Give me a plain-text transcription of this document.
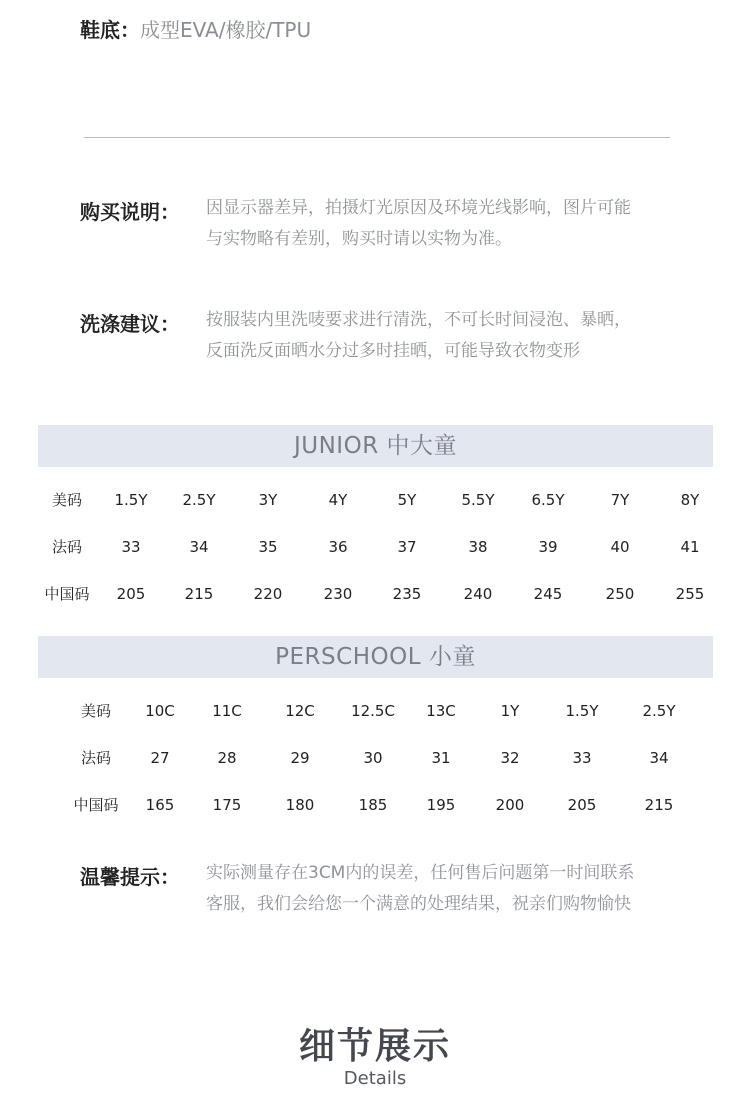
鞋底：成型EVA/橡胶/TPU
购买说明： 因显示器差异，拍摄灯光原因及环境光线影响，图片可能
与实物略有差别，购买时请以实物为准。
洗涤建议： 按服装内里洗唛要求进行清洗，不可长时间浸泡、暴晒，
反面洗反面晒水分过多时挂晒，可能导致衣物变形
JUNIOR 中大童
美码 1.5Y 2.5Y	3Y	4Y	5Y	5.5Y 6.5Y	7Y	8Y
法码	33	34	35	36	37	38	39	40	41
中国码 205	215	220	230	235	240	245	250	255
PERSCHOOL 小童
美码 10C 11C	12C 12.5C 13C	1Y	1.5Y	2.5Y
法码	27	28	29	30	31	32	33	34
中国码 165	175	180	185	195	200	205	215
温馨提示： 实际测量存在3CM内的误差，任何售后问题第一时间联系
客服，我们会给您一个满意的处理结果，祝亲们购物愉快
细节展示
Details
